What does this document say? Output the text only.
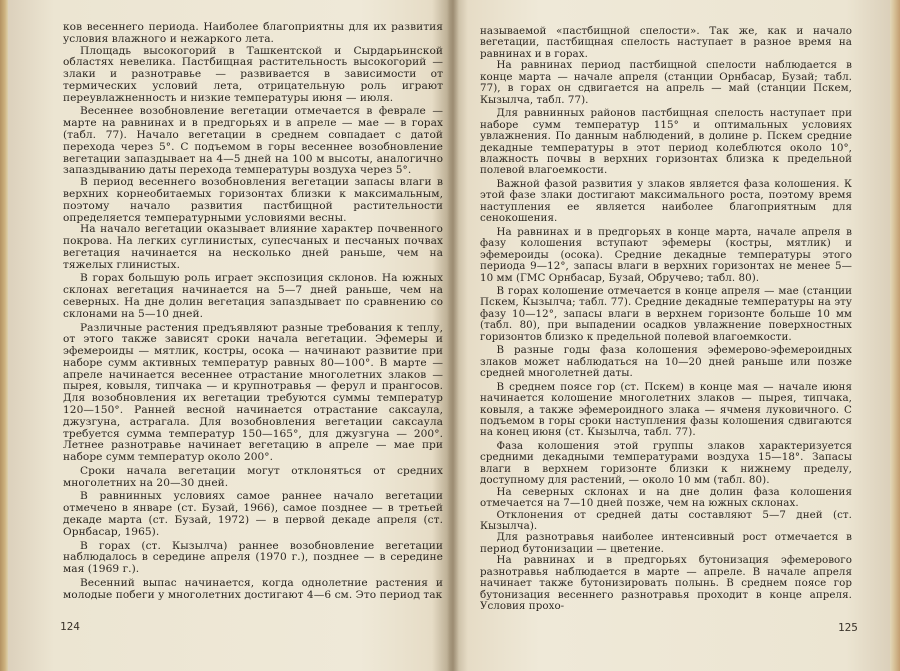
ков весеннего периода. Наиболее благоприятны для их развития условия влажного и нежаркого лета.

Площадь высокогорий в Ташкентской и Сырдарьинской областях невелика. Пастбищная растительность высокогорий — злаки и разнотравье — развивается в зависимости от термических условий лета, отрицательную роль играют переувлажненность и низкие температуры июня — июля.

Весеннее возобновление вегетации отмечается в феврале — марте на равнинах и в предгорьях и в апреле — мае — в горах (табл. 77). Начало вегетации в среднем совпадает с датой перехода через 5°. С подъемом в горы весеннее возобновление вегетации запаздывает на 4—5 дней на 100 м высоты, аналогично запаздыванию даты перехода температуры воздуха через 5°.

В период весеннего возобновления вегетации запасы влаги в верхних корнеобитаемых горизонтах близки к максимальным, поэтому начало развития пастбищной растительности определяется температурными условиями весны.

На начало вегетации оказывает влияние характер почвенного покрова. На легких суглинистых, супесчаных и песчаных почвах вегетация начинается на несколько дней раньше, чем на тяжелых глинистых.

В горах большую роль играет экспозиция склонов. На южных склонах вегетация начинается на 5—7 дней раньше, чем на северных. На дне долин вегетация запаздывает по сравнению со склонами на 5—10 дней.

Различные растения предъявляют разные требования к теплу, от этого также зависят сроки начала вегетации. Эфемеры и эфемероиды — мятлик, костры, осока — начинают развитие при наборе сумм активных температур равных 80—100°. В марте — апреле начинается весеннее отрастание многолетних злаков — пырея, ковыля, типчака — и крупнотравья — ферул и прангосов. Для возобновления их вегетации требуются суммы температур 120—150°. Ранней весной начинается отрастание саксаула, джузгуна, астрагала. Для возобновления вегетации саксаула требуется сумма температур 150—165°, для джузгуна — 200°. Летнее разнотравье начинает вегетацию в апреле — мае при наборе сумм температур около 200°.

Сроки начала вегетации могут отклоняться от средних многолетних на 20—30 дней.

В равнинных условиях самое раннее начало вегетации отмечено в январе (ст. Бузай, 1966), самое позднее — в третьей декаде марта (ст. Бузай, 1972) — в первой декаде апреля (ст. Орнбасар, 1965).

В горах (ст. Кызылча) раннее возобновление вегетации наблюдалось в середине апреля (1970 г.), позднее — в середине мая (1969 г.).

Весенний выпас начинается, когда однолетние растения и молодые побеги у многолетних достигают 4—6 см. Это период так

124

называемой «пастбищной спелости». Так же, как и начало вегетации, пастбищная спелость наступает в разное время на равнинах и в горах.

На равнинах период пастбищной спелости наблюдается в конце марта — начале апреля (станции Орнбасар, Бузай; табл. 77), в горах он сдвигается на апрель — май (станции Пскем, Кызылча, табл. 77).

Для равнинных районов пастбищная спелость наступает при наборе сумм температур 115° и оптимальных условиях увлажнения. По данным наблюдений, в долине р. Пскем средние декадные температуры в этот период колеблются около 10°, влажность почвы в верхних горизонтах близка к предельной полевой влагоемкости.

Важной фазой развития у злаков является фаза колошения. К этой фазе злаки достигают максимального роста, поэтому время наступления ее является наиболее благоприятным для сенокошения.

На равнинах и в предгорьях в конце марта, начале апреля в фазу колошения вступают эфемеры (костры, мятлик) и эфемероиды (осока). Средние декадные температуры этого периода 9—12°, запасы влаги в верхних горизонтах не менее 5—10 мм (ГМС Орнбасар, Бузай, Обручево; табл. 80).

В горах колошение отмечается в конце апреля — мае (станции Пскем, Кызылча; табл. 77). Средние декадные температуры на эту фазу 10—12°, запасы влаги в верхнем горизонте больше 10 мм (табл. 80), при выпадении осадков увлажнение поверхностных горизонтов близко к предельной полевой влагоемкости.

В разные годы фаза колошения эфемерово-эфемероидных злаков может наблюдаться на 10—20 дней раньше или позже средней многолетней даты.

В среднем поясе гор (ст. Пскем) в конце мая — начале июня начинается колошение многолетних злаков — пырея, типчака, ковыля, а также эфемероидного злака — ячменя луковичного. С подъемом в горы сроки наступления фазы колошения сдвигаются на конец июня (ст. Кызылча, табл. 77).

Фаза колошения этой группы злаков характеризуется средними декадными температурами воздуха 15—18°. Запасы влаги в верхнем горизонте близки к нижнему пределу, доступному для растений, — около 10 мм (табл. 80).

На северных склонах и на дне долин фаза колошения отмечается на 7—10 дней позже, чем на южных склонах.

Отклонения от средней даты составляют 5—7 дней (ст. Кызылча).

Для разнотравья наиболее интенсивный рост отмечается в период бутонизации — цветение.

На равнинах и в предгорьях бутонизация эфемерового разнотравья наблюдается в марте — апреле. В начале апреля начинает также бутонизировать полынь. В среднем поясе гор бутонизация весеннего разнотравья проходит в конце апреля. Условия прохо-

125
